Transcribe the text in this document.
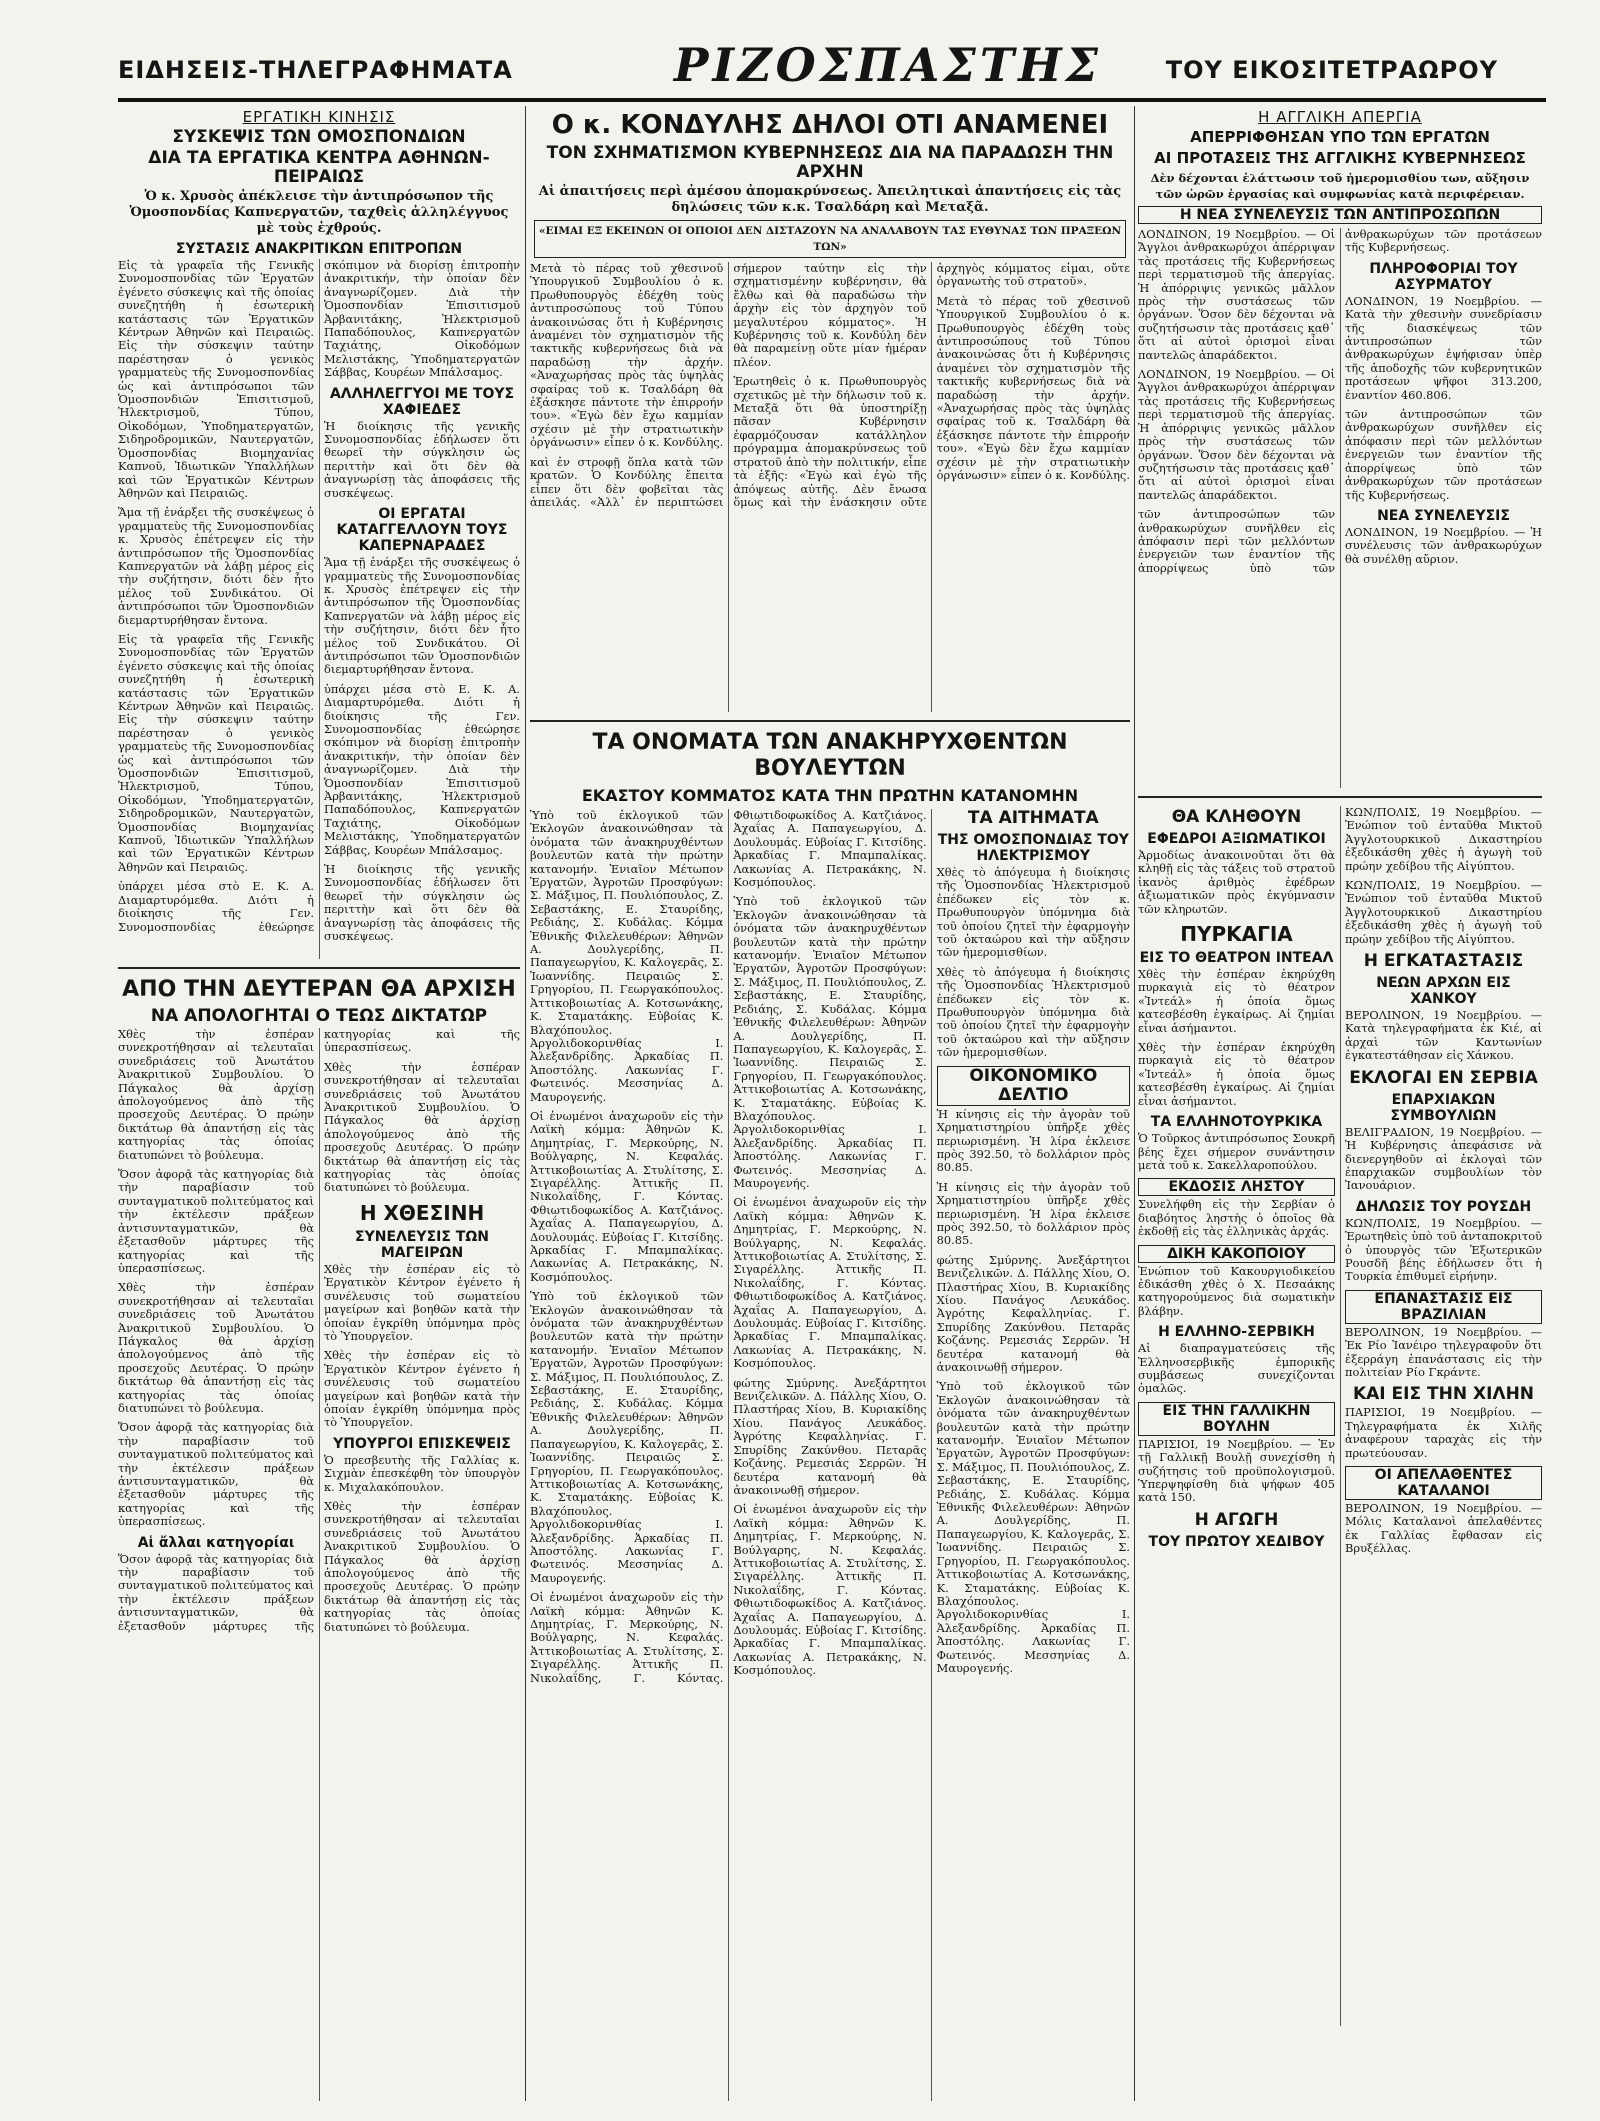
ΕΙΔΗΣΕΙΣ-ΤΗΛΕΓΡΑΦΗΜΑΤΑ	ΡΙΖΟΣΠΑΣΤΗΣ	ΤΟΥ ΕΙΚΟΣΙΤΕΤΡΑΩΡΟΥ
ΕΡΓΑΤΙΚΗ ΚΙΝΗΣΙΣ
ΣΥΣΚΕΨΙΣ ΤΩΝ ΟΜΟΣΠΟΝΔΙΩΝ
ΔΙΑ ΤΑ ΕΡΓΑΤΙΚΑ ΚΕΝΤΡΑ ΑΘΗΝΩΝ-ΠΕΙΡΑΙΩΣ
Ὁ κ. Χρυσὸς ἀπέκλεισε τὴν ἀντιπρόσωπον τῆς Ὁμοσπονδίας Καπνεργατῶν, ταχθεὶς ἀλληλέγγυος μὲ τοὺς ἐχθρούς.
ΣΥΣΤΑΣΙΣ ΑΝΑΚΡΙΤΙΚΩΝ ΕΠΙΤΡΟΠΩΝ

Εἰς τὰ γραφεῖα τῆς Γενικῆς Συνομοσπονδίας τῶν Ἐργατῶν ἐγένετο σύσκεψις καὶ τῆς ὁποίας συνεζητήθη ἡ ἐσωτερικὴ κατάστασις τῶν Ἐργατικῶν Κέντρων Ἀθηνῶν καὶ Πειραιῶς. Εἰς τὴν σύσκεψιν ταύτην παρέστησαν ὁ γενικὸς γραμματεὺς τῆς Συνομοσπονδίας ὡς καὶ ἀντιπρόσωποι τῶν Ὁμοσπονδιῶν Ἐπισιτισμοῦ, Ἠλεκτρισμοῦ, Τύπου, Οἰκοδόμων, Ὑποδηματεργατῶν, Σιδηροδρομικῶν, Ναυτεργατῶν, Ὁμοσπονδίας Βιομηχανίας Καπνοῦ, Ἰδιωτικῶν Ὑπαλλήλων καὶ τῶν Ἐργατικῶν Κέντρων Ἀθηνῶν καὶ Πειραιῶς.

Ἅμα τῇ ἐνάρξει τῆς συσκέψεως ὁ γραμματεὺς τῆς Συνομοσπονδίας κ. Χρυσὸς ἐπέτρεψεν εἰς τὴν ἀντιπρόσωπον τῆς Ὁμοσπονδίας Καπνεργατῶν νὰ λάβῃ μέρος εἰς τὴν συζήτησιν, διότι δὲν ἦτο μέλος τοῦ Συνδικάτου. Οἱ ἀντιπρόσωποι τῶν Ὁμοσπονδιῶν διεμαρτυρήθησαν ἔντονα.

Εἰς τὰ γραφεῖα τῆς Γενικῆς Συνομοσπονδίας τῶν Ἐργατῶν ἐγένετο σύσκεψις καὶ τῆς ὁποίας συνεζητήθη ἡ ἐσωτερικὴ κατάστασις τῶν Ἐργατικῶν Κέντρων Ἀθηνῶν καὶ Πειραιῶς. Εἰς τὴν σύσκεψιν ταύτην παρέστησαν ὁ γενικὸς γραμματεὺς τῆς Συνομοσπονδίας ὡς καὶ ἀντιπρόσωποι τῶν Ὁμοσπονδιῶν Ἐπισιτισμοῦ, Ἠλεκτρισμοῦ, Τύπου, Οἰκοδόμων, Ὑποδηματεργατῶν, Σιδηροδρομικῶν, Ναυτεργατῶν, Ὁμοσπονδίας Βιομηχανίας Καπνοῦ, Ἰδιωτικῶν Ὑπαλλήλων καὶ τῶν Ἐργατικῶν Κέντρων Ἀθηνῶν καὶ Πειραιῶς.

ὑπάρχει μέσα στὸ Ε. Κ. Α. Διαμαρτυρόμεθα. Διότι ἡ διοίκησις τῆς Γεν. Συνομοσπονδίας ἐθεώρησε σκόπιμον νὰ διορίσῃ ἐπιτροπὴν ἀνακριτικήν, τὴν ὁποίαν δὲν ἀναγνωρίζομεν. Διὰ τὴν Ὁμοσπονδίαν Ἐπισιτισμοῦ Ἀρβανιτάκης, Ἠλεκτρισμοῦ Παπαδόπουλος, Καπνεργατῶν Ταχιάτης, Οἰκοδόμων Μελιστάκης, Ὑποδηματεργατῶν Σάββας, Κουρέων Μπάλσαμος.

ΑΛΛΗΛΕΓΓΥΟΙ ΜΕ ΤΟΥΣ ΧΑΦΙΕΔΕΣ

Ἡ διοίκησις τῆς γενικῆς Συνομοσπονδίας ἐδήλωσεν ὅτι θεωρεῖ τὴν σύγκλησιν ὡς περιττὴν καὶ ὅτι δὲν θὰ ἀναγνωρίσῃ τὰς ἀποφάσεις τῆς συσκέψεως.

ΟΙ ΕΡΓΑΤΑΙ ΚΑΤΑΓΓΕΛΛΟΥΝ ΤΟΥΣ ΚΑΠΕΡΝΑΡΑΔΕΣ

Ἅμα τῇ ἐνάρξει τῆς συσκέψεως ὁ γραμματεὺς τῆς Συνομοσπονδίας κ. Χρυσὸς ἐπέτρεψεν εἰς τὴν ἀντιπρόσωπον τῆς Ὁμοσπονδίας Καπνεργατῶν νὰ λάβῃ μέρος εἰς τὴν συζήτησιν, διότι δὲν ἦτο μέλος τοῦ Συνδικάτου. Οἱ ἀντιπρόσωποι τῶν Ὁμοσπονδιῶν διεμαρτυρήθησαν ἔντονα.

ὑπάρχει μέσα στὸ Ε. Κ. Α. Διαμαρτυρόμεθα. Διότι ἡ διοίκησις τῆς Γεν. Συνομοσπονδίας ἐθεώρησε σκόπιμον νὰ διορίσῃ ἐπιτροπὴν ἀνακριτικήν, τὴν ὁποίαν δὲν ἀναγνωρίζομεν. Διὰ τὴν Ὁμοσπονδίαν Ἐπισιτισμοῦ Ἀρβανιτάκης, Ἠλεκτρισμοῦ Παπαδόπουλος, Καπνεργατῶν Ταχιάτης, Οἰκοδόμων Μελιστάκης, Ὑποδηματεργατῶν Σάββας, Κουρέων Μπάλσαμος.

Ἡ διοίκησις τῆς γενικῆς Συνομοσπονδίας ἐδήλωσεν ὅτι θεωρεῖ τὴν σύγκλησιν ὡς περιττὴν καὶ ὅτι δὲν θὰ ἀναγνωρίσῃ τὰς ἀποφάσεις τῆς συσκέψεως.

ΑΠΟ ΤΗΝ ΔΕΥΤΕΡΑΝ ΘΑ ΑΡΧΙΣΗ
ΝΑ ΑΠΟΛΟΓΗΤΑΙ Ο ΤΕΩΣ ΔΙΚΤΑΤΩΡ

Χθὲς τὴν ἑσπέραν συνεκροτήθησαν αἱ τελευταῖαι συνεδριάσεις τοῦ Ἀνωτάτου Ἀνακριτικοῦ Συμβουλίου. Ὁ Πάγκαλος θὰ ἀρχίσῃ ἀπολογούμενος ἀπὸ τῆς προσεχοῦς Δευτέρας. Ὁ πρώην δικτάτωρ θὰ ἀπαντήσῃ εἰς τὰς κατηγορίας τὰς ὁποίας διατυπώνει τὸ βούλευμα.

Ὅσον ἀφορᾷ τὰς κατηγορίας διὰ τὴν παραβίασιν τοῦ συνταγματικοῦ πολιτεύματος καὶ τὴν ἐκτέλεσιν πράξεων ἀντισυνταγματικῶν, θὰ ἐξετασθοῦν μάρτυρες τῆς κατηγορίας καὶ τῆς ὑπερασπίσεως.

Χθὲς τὴν ἑσπέραν συνεκροτήθησαν αἱ τελευταῖαι συνεδριάσεις τοῦ Ἀνωτάτου Ἀνακριτικοῦ Συμβουλίου. Ὁ Πάγκαλος θὰ ἀρχίσῃ ἀπολογούμενος ἀπὸ τῆς προσεχοῦς Δευτέρας. Ὁ πρώην δικτάτωρ θὰ ἀπαντήσῃ εἰς τὰς κατηγορίας τὰς ὁποίας διατυπώνει τὸ βούλευμα.

Ὅσον ἀφορᾷ τὰς κατηγορίας διὰ τὴν παραβίασιν τοῦ συνταγματικοῦ πολιτεύματος καὶ τὴν ἐκτέλεσιν πράξεων ἀντισυνταγματικῶν, θὰ ἐξετασθοῦν μάρτυρες τῆς κατηγορίας καὶ τῆς ὑπερασπίσεως.

Αἱ ἄλλαι κατηγορίαι

Ὅσον ἀφορᾷ τὰς κατηγορίας διὰ τὴν παραβίασιν τοῦ συνταγματικοῦ πολιτεύματος καὶ τὴν ἐκτέλεσιν πράξεων ἀντισυνταγματικῶν, θὰ ἐξετασθοῦν μάρτυρες τῆς κατηγορίας καὶ τῆς ὑπερασπίσεως.

Χθὲς τὴν ἑσπέραν συνεκροτήθησαν αἱ τελευταῖαι συνεδριάσεις τοῦ Ἀνωτάτου Ἀνακριτικοῦ Συμβουλίου. Ὁ Πάγκαλος θὰ ἀρχίσῃ ἀπολογούμενος ἀπὸ τῆς προσεχοῦς Δευτέρας. Ὁ πρώην δικτάτωρ θὰ ἀπαντήσῃ εἰς τὰς κατηγορίας τὰς ὁποίας διατυπώνει τὸ βούλευμα.

Η ΧΘΕΣΙΝΗ
ΣΥΝΕΛΕΥΣΙΣ ΤΩΝ ΜΑΓΕΙΡΩΝ

Χθὲς τὴν ἑσπέραν εἰς τὸ Ἐργατικὸν Κέντρον ἐγένετο ἡ συνέλευσις τοῦ σωματείου μαγείρων καὶ βοηθῶν κατὰ τὴν ὁποίαν ἐγκρίθη ὑπόμνημα πρὸς τὸ Ὑπουργεῖον.

Χθὲς τὴν ἑσπέραν εἰς τὸ Ἐργατικὸν Κέντρον ἐγένετο ἡ συνέλευσις τοῦ σωματείου μαγείρων καὶ βοηθῶν κατὰ τὴν ὁποίαν ἐγκρίθη ὑπόμνημα πρὸς τὸ Ὑπουργεῖον.

ΥΠΟΥΡΓΟΙ ΕΠΙΣΚΕΨΕΙΣ

Ὁ πρεσβευτὴς τῆς Γαλλίας κ. Σιχμὰν ἐπεσκέφθη τὸν ὑπουργὸν κ. Μιχαλακόπουλον.

Χθὲς τὴν ἑσπέραν συνεκροτήθησαν αἱ τελευταῖαι συνεδριάσεις τοῦ Ἀνωτάτου Ἀνακριτικοῦ Συμβουλίου. Ὁ Πάγκαλος θὰ ἀρχίσῃ ἀπολογούμενος ἀπὸ τῆς προσεχοῦς Δευτέρας. Ὁ πρώην δικτάτωρ θὰ ἀπαντήσῃ εἰς τὰς κατηγορίας τὰς ὁποίας διατυπώνει τὸ βούλευμα.

Ο κ. ΚΟΝΔΥΛΗΣ ΔΗΛΟΙ ΟΤΙ ΑΝΑΜΕΝΕΙ
ΤΟΝ ΣΧΗΜΑΤΙΣΜΟΝ ΚΥΒΕΡΝΗΣΕΩΣ ΔΙΑ ΝΑ ΠΑΡΑΔΩΣΗ ΤΗΝ ΑΡΧΗΝ
Αἱ ἀπαιτήσεις περὶ ἀμέσου ἀπομακρύνσεως. Ἀπειλητικαὶ ἀπαντήσεις εἰς τὰς δηλώσεις τῶν κ.κ. Τσαλδάρη καὶ Μεταξᾶ.
«ΕΙΜΑΙ ΕΞ ΕΚΕΙΝΩΝ ΟΙ ΟΠΟΙΟΙ ΔΕΝ ΔΙΣΤΑΖΟΥΝ ΝΑ ΑΝΑΛΑΒΟΥΝ ΤΑΣ ΕΥΘΥΝΑΣ ΤΩΝ ΠΡΑΞΕΩΝ ΤΩΝ»

Μετὰ τὸ πέρας τοῦ χθεσινοῦ Ὑπουργικοῦ Συμβουλίου ὁ κ. Πρωθυπουργὸς ἐδέχθη τοὺς ἀντιπροσώπους τοῦ Τύπου ἀνακοινώσας ὅτι ἡ Κυβέρνησις ἀναμένει τὸν σχηματισμὸν τῆς τακτικῆς κυβερνήσεως διὰ νὰ παραδώσῃ τὴν ἀρχήν. «Ἀναχωρήσας πρὸς τὰς ὑψηλὰς σφαίρας τοῦ κ. Τσαλδάρη θὰ ἐξάσκησε πάντοτε τὴν ἐπιρροήν του». «Ἐγὼ δὲν ἔχω καμμίαν σχέσιν μὲ τὴν στρατιωτικὴν ὀργάνωσιν» εἶπεν ὁ κ. Κονδύλης.

καὶ ἐν στροφῇ ὅπλα κατὰ τῶν κρατῶν. Ὁ Κονδύλης ἔπειτα εἶπεν ὅτι δὲν φοβεῖται τὰς ἀπειλάς. «Ἀλλ᾽ ἐν περιπτώσει σήμερον ταύτην εἰς τὴν σχηματισμένην κυβέρνησιν, θὰ ἔλθω καὶ θὰ παραδώσω τὴν ἀρχὴν εἰς τὸν ἀρχηγὸν τοῦ μεγαλυτέρου κόμματος». Ἡ Κυβέρνησις τοῦ κ. Κονδύλη δὲν θὰ παραμείνῃ οὔτε μίαν ἡμέραν πλέον.

Ἐρωτηθεὶς ὁ κ. Πρωθυπουργὸς σχετικῶς μὲ τὴν δήλωσιν τοῦ κ. Μεταξᾶ ὅτι θὰ ὑποστηρίξῃ πᾶσαν Κυβέρνησιν ἐφαρμόζουσαν κατάλληλον πρόγραμμα ἀπομακρύνσεως τοῦ στρατοῦ ἀπὸ τὴν πολιτικήν, εἶπε τὰ ἑξῆς: «Ἐγὼ καὶ ἐγὼ τῆς ἀπόψεως αὐτῆς. Δὲν ἔνωσα ὅμως καὶ τὴν ἐνάσκησιν οὔτε ἀρχηγὸς κόμματος εἶμαι, οὔτε ὀργανωτὴς τοῦ στρατοῦ».

Μετὰ τὸ πέρας τοῦ χθεσινοῦ Ὑπουργικοῦ Συμβουλίου ὁ κ. Πρωθυπουργὸς ἐδέχθη τοὺς ἀντιπροσώπους τοῦ Τύπου ἀνακοινώσας ὅτι ἡ Κυβέρνησις ἀναμένει τὸν σχηματισμὸν τῆς τακτικῆς κυβερνήσεως διὰ νὰ παραδώσῃ τὴν ἀρχήν. «Ἀναχωρήσας πρὸς τὰς ὑψηλὰς σφαίρας τοῦ κ. Τσαλδάρη θὰ ἐξάσκησε πάντοτε τὴν ἐπιρροήν του». «Ἐγὼ δὲν ἔχω καμμίαν σχέσιν μὲ τὴν στρατιωτικὴν ὀργάνωσιν» εἶπεν ὁ κ. Κονδύλης.

ΤΑ ΟΝΟΜΑΤΑ ΤΩΝ ΑΝΑΚΗΡΥΧΘΕΝΤΩΝ ΒΟΥΛΕΥΤΩΝ
ΕΚΑΣΤΟΥ ΚΟΜΜΑΤΟΣ ΚΑΤΑ ΤΗΝ ΠΡΩΤΗΝ ΚΑΤΑΝΟΜΗΝ

Ὑπὸ τοῦ ἐκλογικοῦ τῶν Ἐκλογῶν ἀνακοινώθησαν τὰ ὀνόματα τῶν ἀνακηρυχθέντων βουλευτῶν κατὰ τὴν πρώτην κατανομήν. Ἑνιαῖον Μέτωπον Ἐργατῶν, Ἀγροτῶν Προσφύγων: Σ. Μάξιμος, Π. Πουλιόπουλος, Ζ. Σεβαστάκης, Ε. Σταυρίδης, Ρεδιάης, Σ. Κυδάλας. Κόμμα Ἐθνικῆς Φιλελευθέρων: Ἀθηνῶν Α. Δουλγερίδης, Π. Παπαγεωργίου, Κ. Καλογερᾶς, Σ. Ἰωαννίδης. Πειραιῶς Σ. Γρηγορίου, Π. Γεωργακόπουλος. Ἀττικοβοιωτίας Α. Κοτσωνάκης, Κ. Σταματάκης. Εὐβοίας Κ. Βλαχόπουλος. Ἀργολιδοκορινθίας Ι. Ἀλεξανδρίδης. Ἀρκαδίας Π. Ἀποστόλης. Λακωνίας Γ. Φωτεινός. Μεσσηνίας Δ. Μαυρογενής.

Οἱ ἐνωμένοι ἀναχωροῦν εἰς τὴν Λαϊκὴ κόμμα: Ἀθηνῶν Κ. Δημητρίας, Γ. Μερκούρης, Ν. Βούλγαρης, Ν. Κεφαλάς. Ἀττικοβοιωτίας Α. Στυλίτσης, Σ. Σιγαρέλλης. Ἀττικῆς Π. Νικολαΐδης, Γ. Κόντας. Φθιωτιδοφωκίδος Α. Κατζιάνος. Ἀχαΐας Α. Παπαγεωργίου, Δ. Δουλουμάς. Εὐβοίας Γ. Κιτσίδης. Ἀρκαδίας Γ. Μπαμπαλίκας. Λακωνίας Α. Πετρακάκης, Ν. Κοσμόπουλος.

Ὑπὸ τοῦ ἐκλογικοῦ τῶν Ἐκλογῶν ἀνακοινώθησαν τὰ ὀνόματα τῶν ἀνακηρυχθέντων βουλευτῶν κατὰ τὴν πρώτην κατανομήν. Ἑνιαῖον Μέτωπον Ἐργατῶν, Ἀγροτῶν Προσφύγων: Σ. Μάξιμος, Π. Πουλιόπουλος, Ζ. Σεβαστάκης, Ε. Σταυρίδης, Ρεδιάης, Σ. Κυδάλας. Κόμμα Ἐθνικῆς Φιλελευθέρων: Ἀθηνῶν Α. Δουλγερίδης, Π. Παπαγεωργίου, Κ. Καλογερᾶς, Σ. Ἰωαννίδης. Πειραιῶς Σ. Γρηγορίου, Π. Γεωργακόπουλος. Ἀττικοβοιωτίας Α. Κοτσωνάκης, Κ. Σταματάκης. Εὐβοίας Κ. Βλαχόπουλος. Ἀργολιδοκορινθίας Ι. Ἀλεξανδρίδης. Ἀρκαδίας Π. Ἀποστόλης. Λακωνίας Γ. Φωτεινός. Μεσσηνίας Δ. Μαυρογενής.

Οἱ ἐνωμένοι ἀναχωροῦν εἰς τὴν Λαϊκὴ κόμμα: Ἀθηνῶν Κ. Δημητρίας, Γ. Μερκούρης, Ν. Βούλγαρης, Ν. Κεφαλάς. Ἀττικοβοιωτίας Α. Στυλίτσης, Σ. Σιγαρέλλης. Ἀττικῆς Π. Νικολαΐδης, Γ. Κόντας. Φθιωτιδοφωκίδος Α. Κατζιάνος. Ἀχαΐας Α. Παπαγεωργίου, Δ. Δουλουμάς. Εὐβοίας Γ. Κιτσίδης. Ἀρκαδίας Γ. Μπαμπαλίκας. Λακωνίας Α. Πετρακάκης, Ν. Κοσμόπουλος.

Ὑπὸ τοῦ ἐκλογικοῦ τῶν Ἐκλογῶν ἀνακοινώθησαν τὰ ὀνόματα τῶν ἀνακηρυχθέντων βουλευτῶν κατὰ τὴν πρώτην κατανομήν. Ἑνιαῖον Μέτωπον Ἐργατῶν, Ἀγροτῶν Προσφύγων: Σ. Μάξιμος, Π. Πουλιόπουλος, Ζ. Σεβαστάκης, Ε. Σταυρίδης, Ρεδιάης, Σ. Κυδάλας. Κόμμα Ἐθνικῆς Φιλελευθέρων: Ἀθηνῶν Α. Δουλγερίδης, Π. Παπαγεωργίου, Κ. Καλογερᾶς, Σ. Ἰωαννίδης. Πειραιῶς Σ. Γρηγορίου, Π. Γεωργακόπουλος. Ἀττικοβοιωτίας Α. Κοτσωνάκης, Κ. Σταματάκης. Εὐβοίας Κ. Βλαχόπουλος. Ἀργολιδοκορινθίας Ι. Ἀλεξανδρίδης. Ἀρκαδίας Π. Ἀποστόλης. Λακωνίας Γ. Φωτεινός. Μεσσηνίας Δ. Μαυρογενής.

Οἱ ἐνωμένοι ἀναχωροῦν εἰς τὴν Λαϊκὴ κόμμα: Ἀθηνῶν Κ. Δημητρίας, Γ. Μερκούρης, Ν. Βούλγαρης, Ν. Κεφαλάς. Ἀττικοβοιωτίας Α. Στυλίτσης, Σ. Σιγαρέλλης. Ἀττικῆς Π. Νικολαΐδης, Γ. Κόντας. Φθιωτιδοφωκίδος Α. Κατζιάνος. Ἀχαΐας Α. Παπαγεωργίου, Δ. Δουλουμάς. Εὐβοίας Γ. Κιτσίδης. Ἀρκαδίας Γ. Μπαμπαλίκας. Λακωνίας Α. Πετρακάκης, Ν. Κοσμόπουλος.

φώτης Σμύρνης. Ἀνεξάρτητοι Βενιζελικῶν. Δ. Πάλλης Χίου, Ο. Πλαστήρας Χίου, Β. Κυριακίδης Χίου. Πανάγος Λευκάδος. Ἀγρότης Κεφαλληνίας. Γ. Σπυρίδης Ζακύνθου. Πεταρᾶς Κοζάνης. Ρεμεσιάς Σερρῶν. Ἡ δευτέρα κατανομή θὰ ἀνακοινωθῇ σήμερον.

Οἱ ἐνωμένοι ἀναχωροῦν εἰς τὴν Λαϊκὴ κόμμα: Ἀθηνῶν Κ. Δημητρίας, Γ. Μερκούρης, Ν. Βούλγαρης, Ν. Κεφαλάς. Ἀττικοβοιωτίας Α. Στυλίτσης, Σ. Σιγαρέλλης. Ἀττικῆς Π. Νικολαΐδης, Γ. Κόντας. Φθιωτιδοφωκίδος Α. Κατζιάνος. Ἀχαΐας Α. Παπαγεωργίου, Δ. Δουλουμάς. Εὐβοίας Γ. Κιτσίδης. Ἀρκαδίας Γ. Μπαμπαλίκας. Λακωνίας Α. Πετρακάκης, Ν. Κοσμόπουλος.

ΤΑ ΑΙΤΗΜΑΤΑ
ΤΗΣ ΟΜΟΣΠΟΝΔΙΑΣ ΤΟΥ ΗΛΕΚΤΡΙΣΜΟΥ

Χθὲς τὸ ἀπόγευμα ἡ διοίκησις τῆς Ὁμοσπονδίας Ἠλεκτρισμοῦ ἐπέδωκεν εἰς τὸν κ. Πρωθυπουργὸν ὑπόμνημα διὰ τοῦ ὁποίου ζητεῖ τὴν ἐφαρμογὴν τοῦ ὀκταώρου καὶ τὴν αὔξησιν τῶν ἡμερομισθίων.

Χθὲς τὸ ἀπόγευμα ἡ διοίκησις τῆς Ὁμοσπονδίας Ἠλεκτρισμοῦ ἐπέδωκεν εἰς τὸν κ. Πρωθυπουργὸν ὑπόμνημα διὰ τοῦ ὁποίου ζητεῖ τὴν ἐφαρμογὴν τοῦ ὀκταώρου καὶ τὴν αὔξησιν τῶν ἡμερομισθίων.

ΟΙΚΟΝΟΜΙΚΟ ΔΕΛΤΙΟ

Ἡ κίνησις εἰς τὴν ἀγορὰν τοῦ Χρηματιστηρίου ὑπῆρξε χθὲς περιωρισμένη. Ἡ λίρα ἐκλεισε πρὸς 392.50, τὸ δολλάριον πρὸς 80.85.

Ἡ κίνησις εἰς τὴν ἀγορὰν τοῦ Χρηματιστηρίου ὑπῆρξε χθὲς περιωρισμένη. Ἡ λίρα ἐκλεισε πρὸς 392.50, τὸ δολλάριον πρὸς 80.85.

φώτης Σμύρνης. Ἀνεξάρτητοι Βενιζελικῶν. Δ. Πάλλης Χίου, Ο. Πλαστήρας Χίου, Β. Κυριακίδης Χίου. Πανάγος Λευκάδος. Ἀγρότης Κεφαλληνίας. Γ. Σπυρίδης Ζακύνθου. Πεταρᾶς Κοζάνης. Ρεμεσιάς Σερρῶν. Ἡ δευτέρα κατανομή θὰ ἀνακοινωθῇ σήμερον.

Ὑπὸ τοῦ ἐκλογικοῦ τῶν Ἐκλογῶν ἀνακοινώθησαν τὰ ὀνόματα τῶν ἀνακηρυχθέντων βουλευτῶν κατὰ τὴν πρώτην κατανομήν. Ἑνιαῖον Μέτωπον Ἐργατῶν, Ἀγροτῶν Προσφύγων: Σ. Μάξιμος, Π. Πουλιόπουλος, Ζ. Σεβαστάκης, Ε. Σταυρίδης, Ρεδιάης, Σ. Κυδάλας. Κόμμα Ἐθνικῆς Φιλελευθέρων: Ἀθηνῶν Α. Δουλγερίδης, Π. Παπαγεωργίου, Κ. Καλογερᾶς, Σ. Ἰωαννίδης. Πειραιῶς Σ. Γρηγορίου, Π. Γεωργακόπουλος. Ἀττικοβοιωτίας Α. Κοτσωνάκης, Κ. Σταματάκης. Εὐβοίας Κ. Βλαχόπουλος. Ἀργολιδοκορινθίας Ι. Ἀλεξανδρίδης. Ἀρκαδίας Π. Ἀποστόλης. Λακωνίας Γ. Φωτεινός. Μεσσηνίας Δ. Μαυρογενής.

Η ΑΓΓΛΙΚΗ ΑΠΕΡΓΙΑ
ΑΠΕΡΡΙΦΘΗΣΑΝ ΥΠΟ ΤΩΝ ΕΡΓΑΤΩΝ
ΑΙ ΠΡΟΤΑΣΕΙΣ ΤΗΣ ΑΓΓΛΙΚΗΣ ΚΥΒΕΡΝΗΣΕΩΣ
Δὲν δέχονται ἐλάττωσιν τοῦ ἡμερομισθίου των, αὔξησιν τῶν ὡρῶν ἐργασίας καὶ συμφωνίας κατὰ περιφέρειαν.
Η ΝΕΑ ΣΥΝΕΛΕΥΣΙΣ ΤΩΝ ΑΝΤΙΠΡΟΣΩΠΩΝ

ΛΟΝΔΙΝΟΝ, 19 Νοεμβρίου. — Οἱ Ἄγγλοι ἀνθρακωρύχοι ἀπέρριψαν τὰς προτάσεις τῆς Κυβερνήσεως περὶ τερματισμοῦ τῆς ἀπεργίας. Ἡ ἀπόρριψις γενικῶς μᾶλλον πρὸς τὴν συστάσεως τῶν ὀργάνων. Ὅσον δὲν δέχονται νὰ συζητήσωσιν τὰς προτάσεις καθ᾽ ὅτι αἱ αὐτοὶ ὁρισμοὶ εἶναι παντελῶς ἀπαράδεκτοι.

ΛΟΝΔΙΝΟΝ, 19 Νοεμβρίου. — Οἱ Ἄγγλοι ἀνθρακωρύχοι ἀπέρριψαν τὰς προτάσεις τῆς Κυβερνήσεως περὶ τερματισμοῦ τῆς ἀπεργίας. Ἡ ἀπόρριψις γενικῶς μᾶλλον πρὸς τὴν συστάσεως τῶν ὀργάνων. Ὅσον δὲν δέχονται νὰ συζητήσωσιν τὰς προτάσεις καθ᾽ ὅτι αἱ αὐτοὶ ὁρισμοὶ εἶναι παντελῶς ἀπαράδεκτοι.

τῶν ἀντιπροσώπων τῶν ἀνθρακωρύχων συνῆλθεν εἰς ἀπόφασιν περὶ τῶν μελλόντων ἐνεργειῶν των ἐναντίον τῆς ἀπορρίψεως ὑπὸ τῶν ἀνθρακωρύχων τῶν προτάσεων τῆς Κυβερνήσεως.

ΠΛΗΡΟΦΟΡΙΑΙ ΤΟΥ ΑΣΥΡΜΑΤΟΥ

ΛΟΝΔΙΝΟΝ, 19 Νοεμβρίου. — Κατὰ τὴν χθεσινὴν συνεδρίασιν τῆς διασκέψεως τῶν ἀντιπροσώπων τῶν ἀνθρακωρύχων ἐψήφισαν ὑπὲρ τῆς ἀποδοχῆς τῶν κυβερνητικῶν προτάσεων ψῆφοι 313.200, ἐναντίον 460.806.

τῶν ἀντιπροσώπων τῶν ἀνθρακωρύχων συνῆλθεν εἰς ἀπόφασιν περὶ τῶν μελλόντων ἐνεργειῶν των ἐναντίον τῆς ἀπορρίψεως ὑπὸ τῶν ἀνθρακωρύχων τῶν προτάσεων τῆς Κυβερνήσεως.

ΝΕΑ ΣΥΝΕΛΕΥΣΙΣ

ΛΟΝΔΙΝΟΝ, 19 Νοεμβρίου. — Ἡ συνέλευσις τῶν ἀνθρακωρύχων θὰ συνέλθῃ αὔριον.

ΘΑ ΚΛΗΘΟΥΝ
ΕΦΕΔΡΟΙ ΑΞΙΩΜΑΤΙΚΟΙ

Ἀρμοδίως ἀνακοινοῦται ὅτι θὰ κληθῇ εἰς τὰς τάξεις τοῦ στρατοῦ ἱκανὸς ἀριθμὸς ἐφέδρων ἀξιωματικῶν πρὸς ἐκγύμνασιν τῶν κληρωτῶν.

ΠΥΡΚΑΓΙΑ
ΕΙΣ ΤΟ ΘΕΑΤΡΟΝ ΙΝΤΕΑΛ

Χθὲς τὴν ἑσπέραν ἐκηρύχθη πυρκαγιὰ εἰς τὸ θέατρον «Ἰντεάλ» ἡ ὁποία ὅμως κατεσβέσθη ἐγκαίρως. Αἱ ζημίαι εἶναι ἀσήμαντοι.

Χθὲς τὴν ἑσπέραν ἐκηρύχθη πυρκαγιὰ εἰς τὸ θέατρον «Ἰντεάλ» ἡ ὁποία ὅμως κατεσβέσθη ἐγκαίρως. Αἱ ζημίαι εἶναι ἀσήμαντοι.

ΤΑ ΕΛΛΗΝΟΤΟΥΡΚΙΚΑ

Ὁ Τοῦρκος ἀντιπρόσωπος Σουκρῆ βέης ἔχει σήμερον συνάντησιν μετὰ τοῦ κ. Σακελλαροπούλου.

ΕΚΔΟΣΙΣ ΛΗΣΤΟΥ

Συνελήφθη εἰς τὴν Σερβίαν ὁ διαβόητος ληστὴς ὁ ὁποῖος θὰ ἐκδοθῇ εἰς τὰς ἑλληνικὰς ἀρχάς.

ΔΙΚΗ ΚΑΚΟΠΟΙΟΥ

Ἐνώπιον τοῦ Κακουργιοδικείου ἐδικάσθη χθὲς ὁ Χ. Πεσαάκης κατηγορούμενος διὰ σωματικὴν βλάβην.

Η ΕΛΛΗΝΟ-ΣΕΡΒΙΚΗ

Αἱ διαπραγματεύσεις τῆς Ἑλληνοσερβικῆς ἐμπορικῆς συμβάσεως συνεχίζονται ὁμαλῶς.

ΕΙΣ ΤΗΝ ΓΑΛΛΙΚΗΝ ΒΟΥΛΗΝ

ΠΑΡΙΣΙΟΙ, 19 Νοεμβρίου. — Ἐν τῇ Γαλλικῇ Βουλῇ συνεχίσθη ἡ συζήτησις τοῦ προϋπολογισμοῦ. Ὑπερψηφίσθη διὰ ψήφων 405 κατὰ 150.

Η ΑΓΩΓΗ
ΤΟΥ ΠΡΩΤΟΥ ΧΕΔΙΒΟΥ

ΚΩΝ/ΠΟΛΙΣ, 19 Νοεμβρίου. — Ἐνώπιον τοῦ ἐνταῦθα Μικτοῦ Ἀγγλοτουρκικοῦ Δικαστηρίου ἐξεδικάσθη χθὲς ἡ ἀγωγὴ τοῦ πρώην χεδίβου τῆς Αἰγύπτου.

ΚΩΝ/ΠΟΛΙΣ, 19 Νοεμβρίου. — Ἐνώπιον τοῦ ἐνταῦθα Μικτοῦ Ἀγγλοτουρκικοῦ Δικαστηρίου ἐξεδικάσθη χθὲς ἡ ἀγωγὴ τοῦ πρώην χεδίβου τῆς Αἰγύπτου.

Η ΕΓΚΑΤΑΣΤΑΣΙΣ
ΝΕΩΝ ΑΡΧΩΝ ΕΙΣ ΧΑΝΚΟΥ

ΒΕΡΟΛΙΝΟΝ, 19 Νοεμβρίου. — Κατὰ τηλεγραφήματα ἐκ Κιέ, αἱ ἀρχαὶ τῶν Καντωνίων ἐγκατεστάθησαν εἰς Χάνκου.

ΕΚΛΟΓΑΙ ΕΝ ΣΕΡΒΙΑ
ΕΠΑΡΧΙΑΚΩΝ ΣΥΜΒΟΥΛΙΩΝ

ΒΕΛΙΓΡΑΔΙΟΝ, 19 Νοεμβρίου. — Ἡ Κυβέρνησις ἀπεφάσισε νὰ διενεργηθοῦν αἱ ἐκλογαὶ τῶν ἐπαρχιακῶν συμβουλίων τὸν Ἰανουάριον.

ΔΗΛΩΣΙΣ ΤΟΥ ΡΟΥΣΔΗ

ΚΩΝ/ΠΟΛΙΣ, 19 Νοεμβρίου. — Ἐρωτηθεὶς ὑπὸ τοῦ ἀνταποκριτοῦ ὁ ὑπουργὸς τῶν Ἐξωτερικῶν Ρουσδῆ βέης ἐδήλωσεν ὅτι ἡ Τουρκία ἐπιθυμεῖ εἰρήνην.

ΕΠΑΝΑΣΤΑΣΙΣ ΕΙΣ ΒΡΑΖΙΛΙΑΝ

ΒΕΡΟΛΙΝΟΝ, 19 Νοεμβρίου. — Ἐκ Ρίο Ἰανέιρο τηλεγραφοῦν ὅτι ἐξερράγη ἐπανάστασις εἰς τὴν πολιτείαν Ρίο Γκράντε.

ΚΑΙ ΕΙΣ ΤΗΝ ΧΙΛΗΝ

ΠΑΡΙΣΙΟΙ, 19 Νοεμβρίου. — Τηλεγραφήματα ἐκ Χιλῆς ἀναφέρουν ταραχὰς εἰς τὴν πρωτεύουσαν.

ΟΙ ΑΠΕΛΑΘΕΝΤΕΣ ΚΑΤΑΛΑΝΟΙ

ΒΕΡΟΛΙΝΟΝ, 19 Νοεμβρίου. — Μόλις Καταλανοὶ ἀπελαθέντες ἐκ Γαλλίας ἔφθασαν εἰς Βρυξέλλας.
